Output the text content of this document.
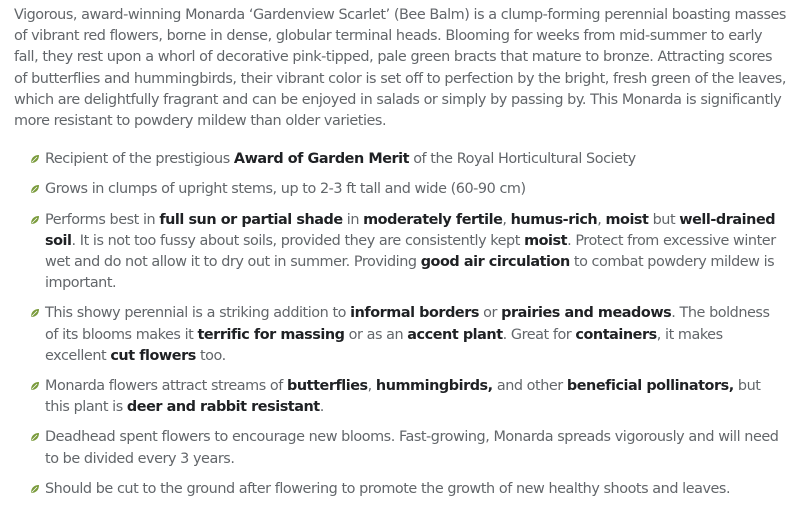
Vigorous, award-winning Monarda ‘Gardenview Scarlet’ (Bee Balm) is a clump-forming perennial boasting masses of vibrant red flowers, borne in dense, globular terminal heads. Blooming for weeks from mid-summer to early fall, they rest upon a whorl of decorative pink-tipped, pale green bracts that mature to bronze. Attracting scores of butterflies and hummingbirds, their vibrant color is set off to perfection by the bright, fresh green of the leaves, which are delightfully fragrant and can be enjoyed in salads or simply by passing by. This Monarda is significantly more resistant to powdery mildew than older varieties.

Recipient of the prestigious Award of Garden Merit of the Royal Horticultural Society
Grows in clumps of upright stems, up to 2-3 ft tall and wide (60-90 cm)
Performs best in full sun or partial shade in moderately fertile, humus-rich, moist but well-drained soil. It is not too fussy about soils, provided they are consistently kept moist. Protect from excessive winter wet and do not allow it to dry out in summer. Providing good air circulation to combat powdery mildew is important.
This showy perennial is a striking addition to informal borders or prairies and meadows. The boldness of its blooms makes it terrific for massing or as an accent plant. Great for containers, it makes excellent cut flowers too.
Monarda flowers attract streams of butterflies, hummingbirds, and other beneficial pollinators, but this plant is deer and rabbit resistant.
Deadhead spent flowers to encourage new blooms. Fast-growing, Monarda spreads vigorously and will need to be divided every 3 years.
Should be cut to the ground after flowering to promote the growth of new healthy shoots and leaves.
